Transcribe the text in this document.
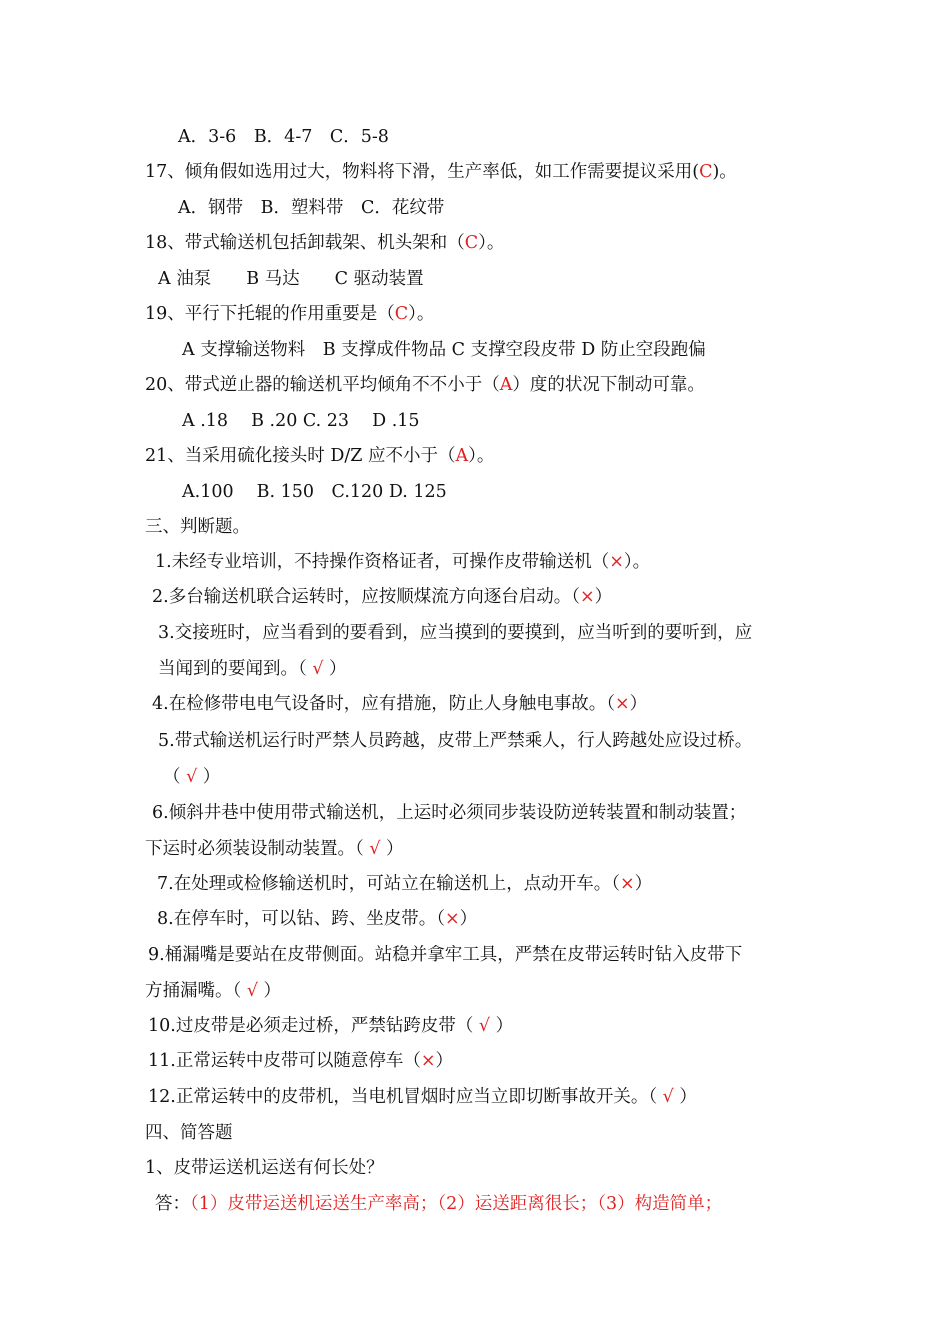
A．3-6　B．4-7　C．5-8
17、倾角假如选用过大，物料将下滑，生产率低，如工作需要提议采用(C)。
A．钢带　B．塑料带　C．花纹带
18、带式输送机包括卸载架、机头架和（C）。
A 油泵　　B 马达　　C 驱动装置
19、平行下托辊的作用重要是（C）。
A 支撑输送物料　B 支撑成件物品 C 支撑空段皮带 D 防止空段跑偏
20、带式逆止器的输送机平均倾角不不小于（A）度的状况下制动可靠。
A .18　 B .20 C. 23　 D .15
21、当采用硫化接头时 D/Z 应不小于（A）。
A.100　 B. 150　C.120 D. 125
三、判断题。
1.未经专业培训，不持操作资格证者，可操作皮带输送机（×）。
2.多台输送机联合运转时，应按顺煤流方向逐台启动。（×）
3.交接班时，应当看到的要看到，应当摸到的要摸到，应当听到的要听到，应
当闻到的要闻到。（ √ ）
4.在检修带电电气设备时，应有措施，防止人身触电事故。（×）
5.带式输送机运行时严禁人员跨越，皮带上严禁乘人，行人跨越处应设过桥。
（ √ ）
6.倾斜井巷中使用带式输送机，上运时必须同步装设防逆转装置和制动装置；
下运时必须装设制动装置。（ √ ）
7.在处理或检修输送机时，可站立在输送机上，点动开车。（×）
8.在停车时，可以钻、跨、坐皮带。（×）
9.桶漏嘴是要站在皮带侧面。站稳并拿牢工具，严禁在皮带运转时钻入皮带下
方捅漏嘴。（ √ ）
10.过皮带是必须走过桥，严禁钻跨皮带（ √ ）
11.正常运转中皮带可以随意停车（×）
12.正常运转中的皮带机，当电机冒烟时应当立即切断事故开关。（ √ ）
四、简答题
1、皮带运送机运送有何长处？
答：（1）皮带运送机运送生产率高；（2）运送距离很长；（3）构造简单；
